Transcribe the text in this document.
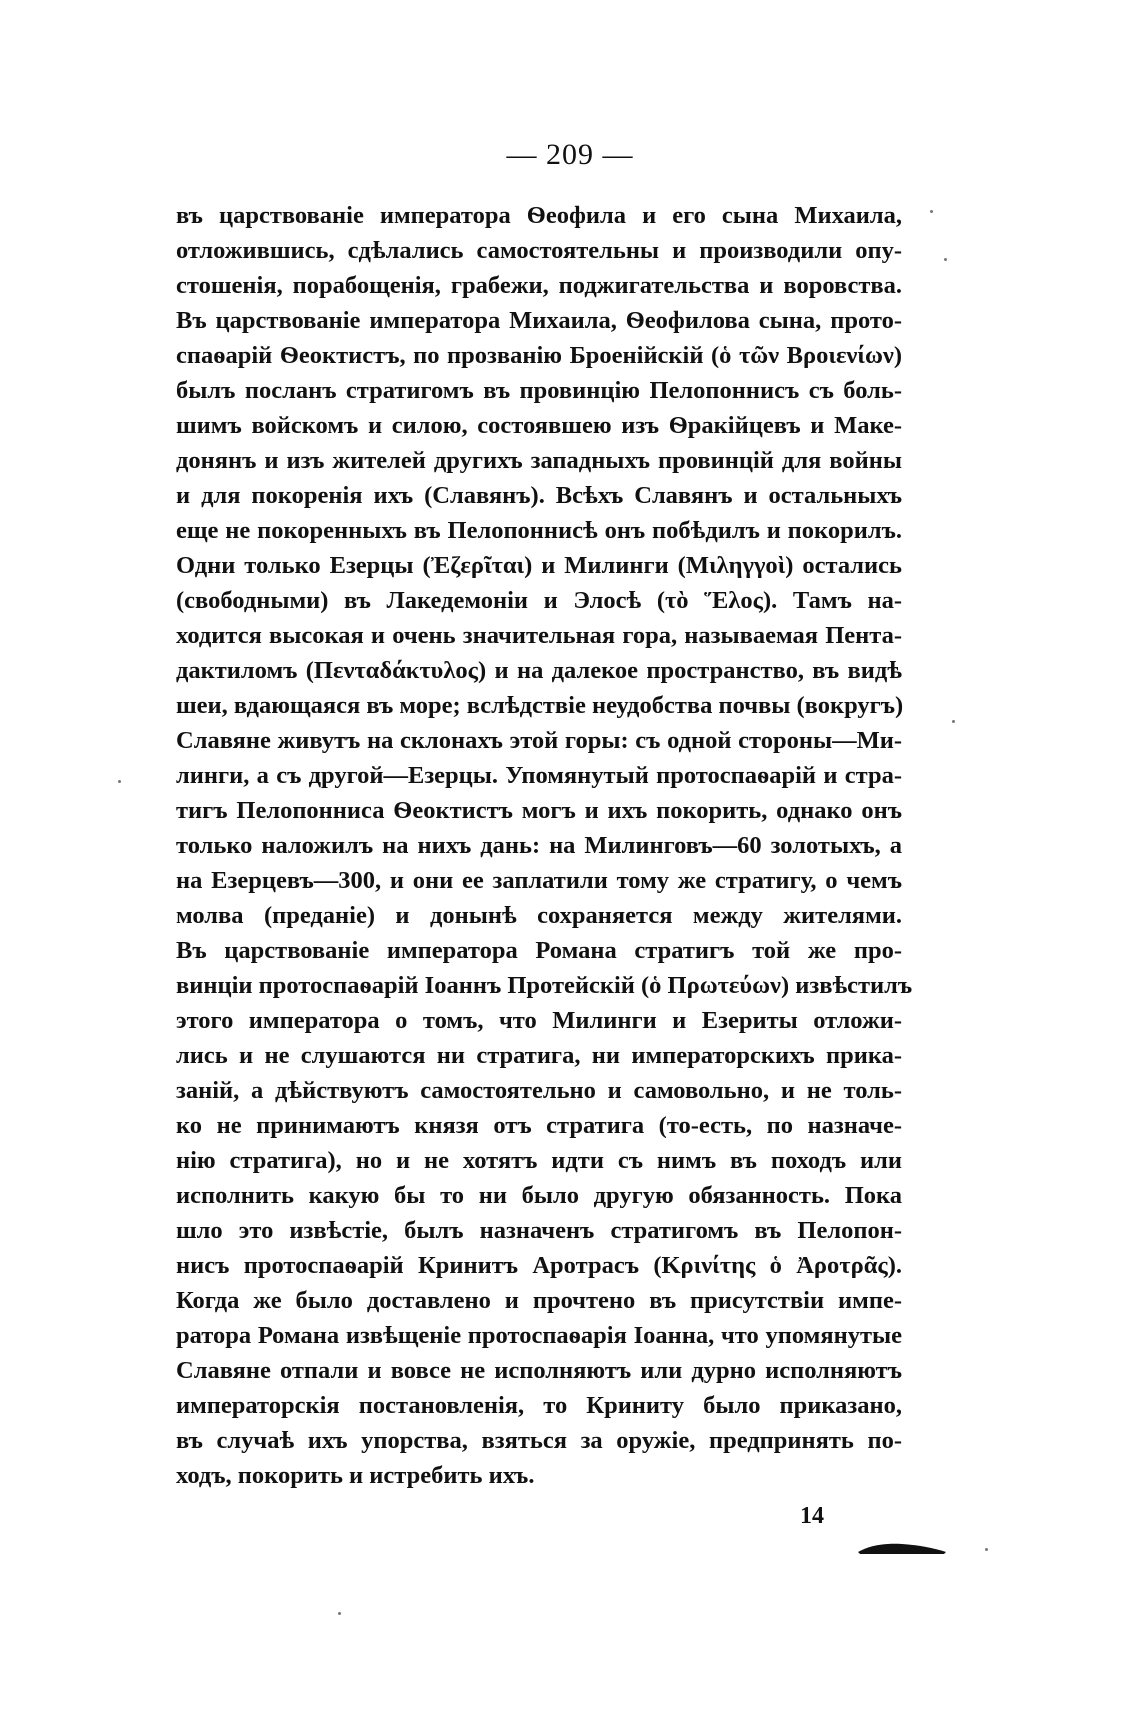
— 209 —
въ царствованіе императора Ѳеофила и его сына Михаила,
отложившись, сдѣлались самостоятельны и производили опу-
стошенія, порабощенія, грабежи, поджигательства и воровства.
Въ царствованіе императора Михаила, Ѳеофилова сына, прото-
спаѳарій Ѳеоктистъ, по прозванію Броенійскій (ὁ τῶν Βροιενίων)
былъ посланъ стратигомъ въ провинцію Пелопоннисъ съ боль-
шимъ войскомъ и силою, состоявшею изъ Ѳракійцевъ и Маке-
донянъ и изъ жителей другихъ западныхъ провинцій для войны
и для покоренія ихъ (Славянъ). Всѣхъ Славянъ и остальныхъ
еще не покоренныхъ въ Пелопоннисѣ онъ побѣдилъ и покорилъ.
Одни только Езерцы (Ἐζερῖται) и Милинги (Μιληγγοὶ) остались
(свободными) въ Лакедемоніи и Элосѣ (τὸ Ἕλος). Тамъ на-
ходится высокая и очень значительная гора, называемая Пента-
дактиломъ (Πενταδάκτυλος) и на далекое пространство, въ видѣ
шеи, вдающаяся въ море; вслѣдствіе неудобства почвы (вокругъ)
Славяне живутъ на склонахъ этой горы: съ одной стороны—Ми-
линги, а съ другой—Езерцы. Упомянутый протоспаѳарій и стра-
тигъ Пелопонниса Ѳеоктистъ могъ и ихъ покорить, однако онъ
только наложилъ на нихъ дань: на Милинговъ—60 золотыхъ, а
на Езерцевъ—300, и они ее заплатили тому же стратигу, о чемъ
молва (преданіе) и донынѣ сохраняется между жителями.
Въ царствованіе императора Романа стратигъ той же про-
винціи протоспаѳарій Іоаннъ Протейскій (ὁ Πρωτεύων) извѣстилъ
этого императора о томъ, что Милинги и Езериты отложи-
лись и не слушаются ни стратига, ни императорскихъ прика-
заній, а дѣйствуютъ самостоятельно и самовольно, и не толь-
ко не принимаютъ князя отъ стратига (то-есть, по назначе-
нію стратига), но и не хотятъ идти съ нимъ въ походъ или
исполнить какую бы то ни было другую обязанность. Пока
шло это извѣстіе, былъ назначенъ стратигомъ въ Пелопон-
нисъ протоспаѳарій Кринитъ Аротрасъ (Κρινίτης ὁ Ἀροτρᾶς).
Когда же было доставлено и прочтено въ присутствіи импе-
ратора Романа извѣщеніе протоспаѳарія Іоанна, что упомянутые
Славяне отпали и вовсе не исполняютъ или дурно исполняютъ
императорскія постановленія, то Криниту было приказано,
въ случаѣ ихъ упорства, взяться за оружіе, предпринять по-
ходъ, покорить и истребить ихъ.
14
